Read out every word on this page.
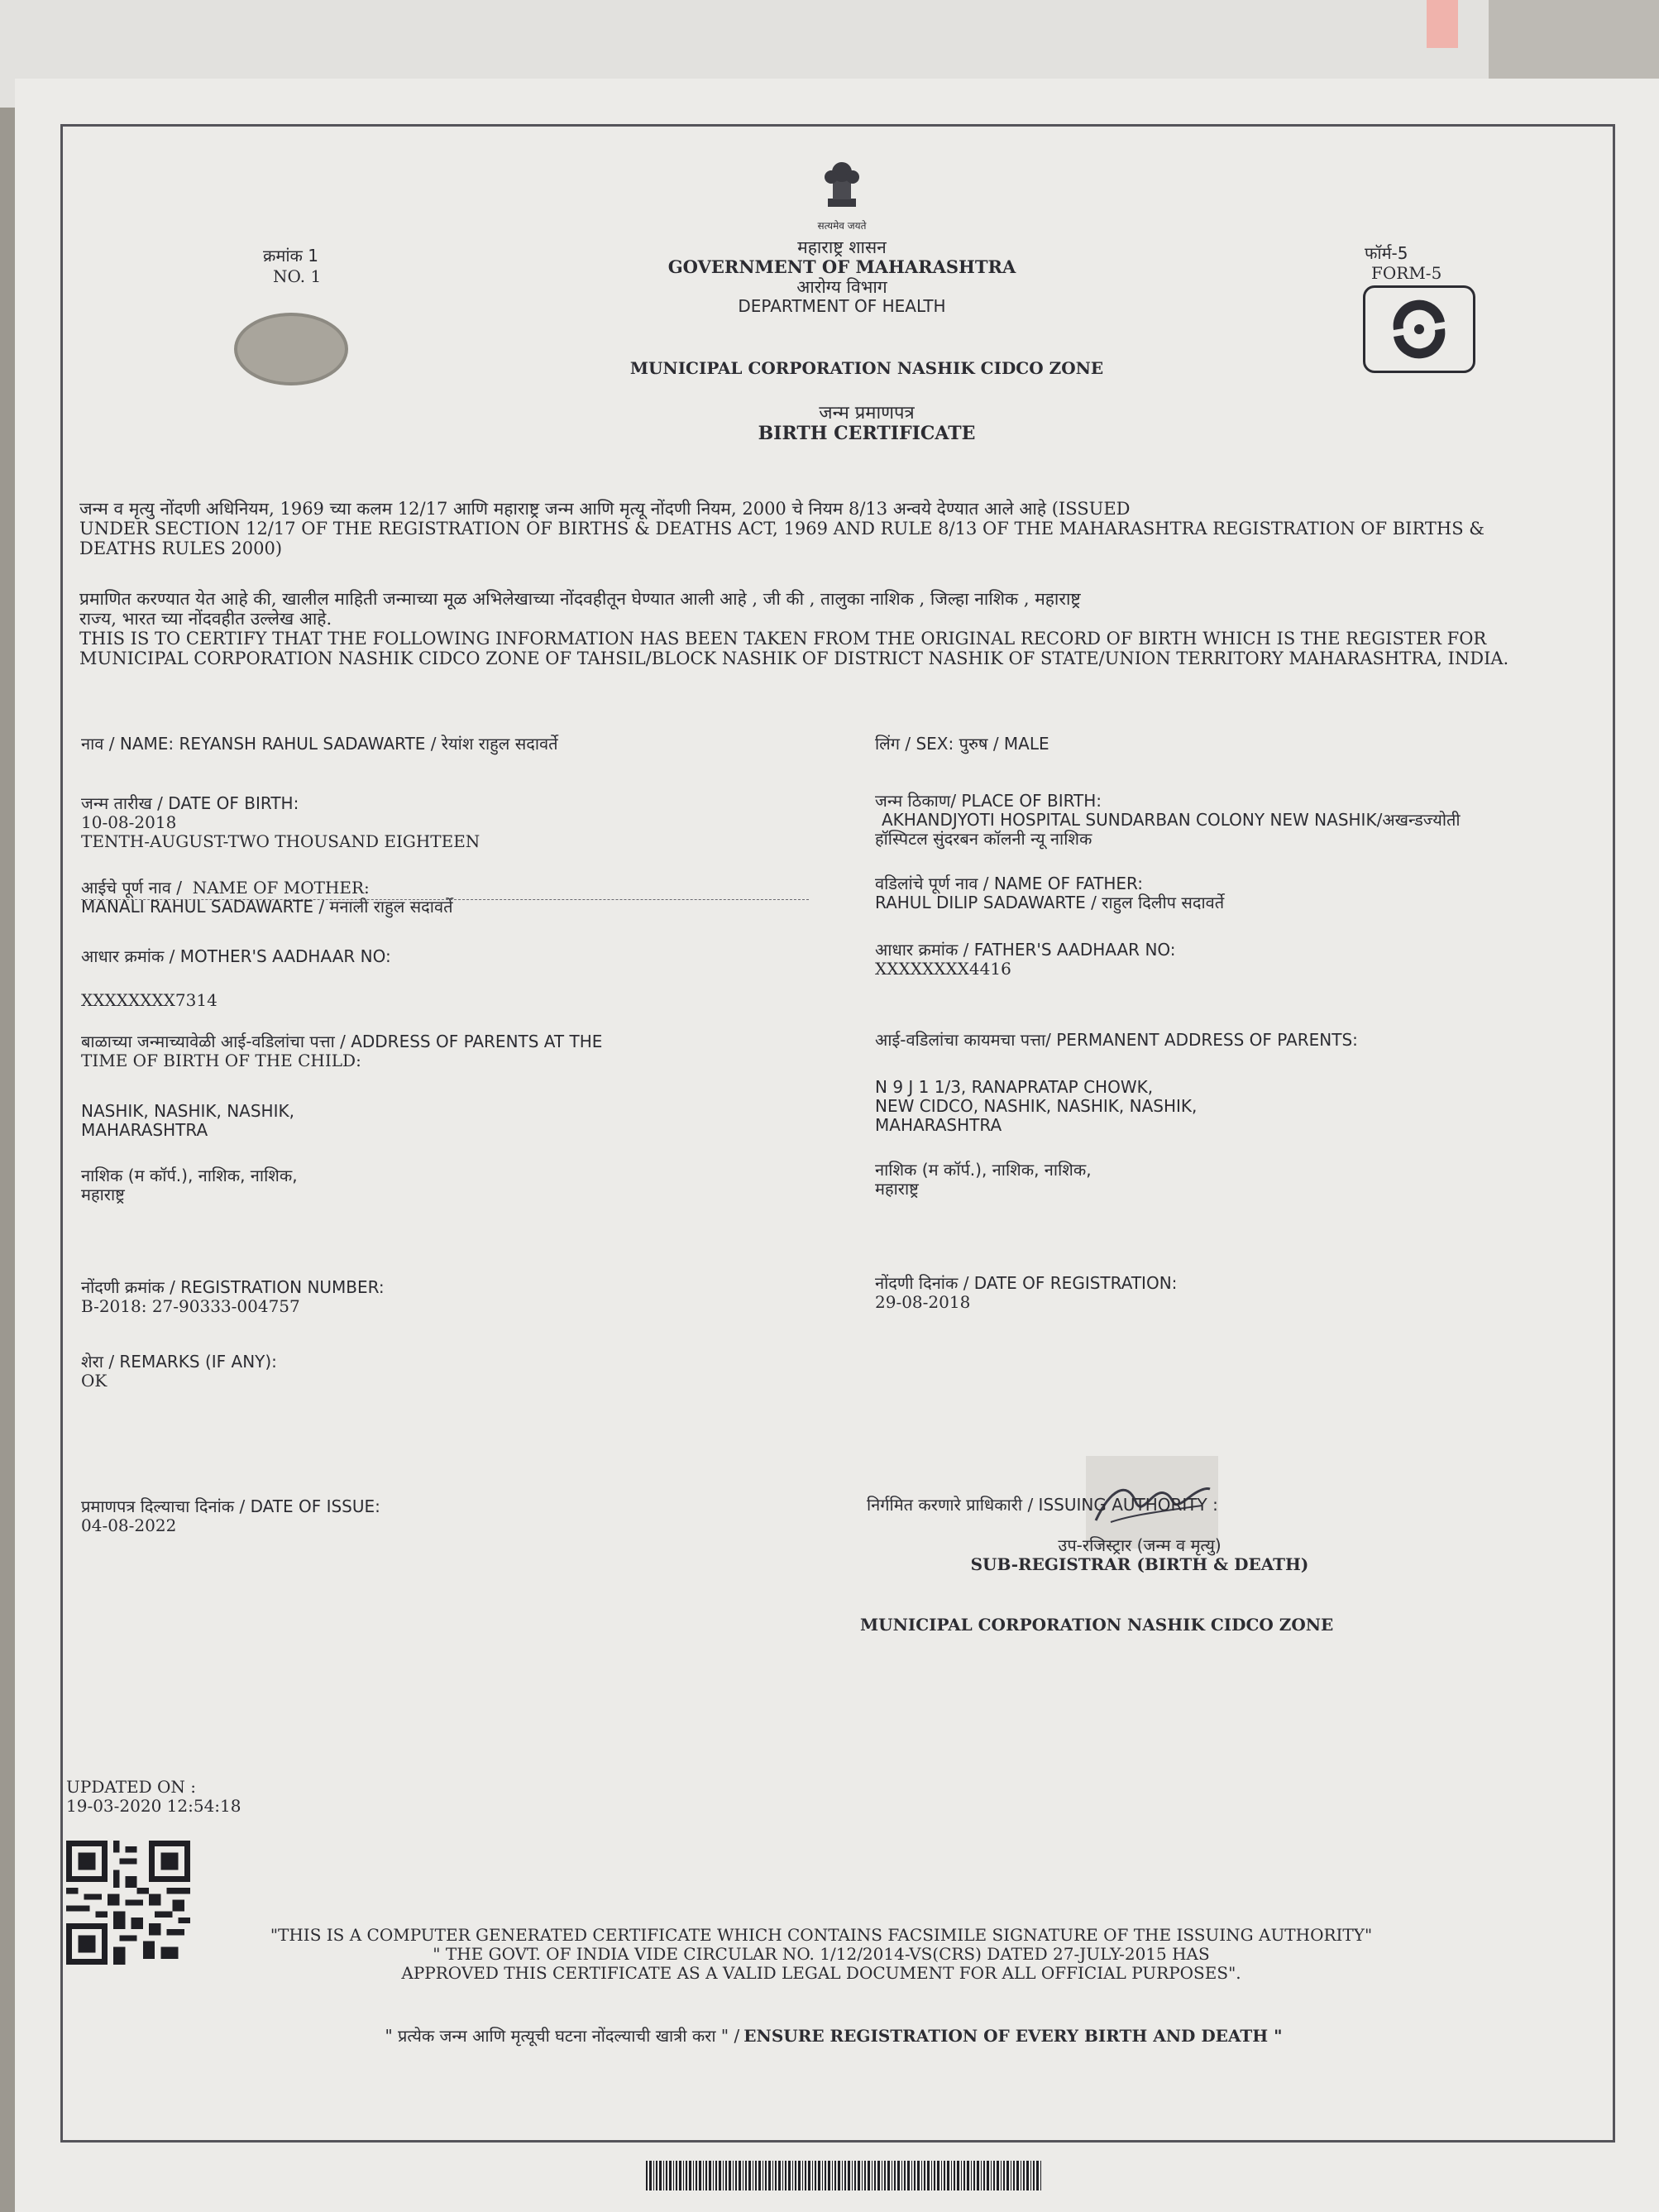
सत्यमेव जयते
क्रमांक 1
NO. 1
महाराष्ट्र शासन
GOVERNMENT OF MAHARASHTRA
आरोग्य विभाग
DEPARTMENT OF HEALTH
फॉर्म-5
FORM-5
MUNICIPAL CORPORATION NASHIK CIDCO ZONE
जन्म प्रमाणपत्र
BIRTH CERTIFICATE
जन्म व मृत्यु नोंदणी अधिनियम, 1969 च्या कलम 12/17 आणि महाराष्ट्र जन्म आणि मृत्यू नोंदणी नियम, 2000 चे नियम 8/13 अन्वये देण्यात आले आहे (ISSUED
UNDER SECTION 12/17 OF THE REGISTRATION OF BIRTHS & DEATHS ACT, 1969 AND RULE 8/13 OF THE MAHARASHTRA REGISTRATION OF BIRTHS &
DEATHS RULES 2000)
प्रमाणित करण्यात येत आहे की, खालील माहिती जन्माच्या मूळ अभिलेखाच्या नोंदवहीतून घेण्यात आली आहे , जी की , तालुका नाशिक , जिल्हा नाशिक , महाराष्ट्र
राज्य, भारत च्या नोंदवहीत उल्लेख आहे.
THIS IS TO CERTIFY THAT THE FOLLOWING INFORMATION HAS BEEN TAKEN FROM THE ORIGINAL RECORD OF BIRTH WHICH IS THE REGISTER FOR
MUNICIPAL CORPORATION NASHIK CIDCO ZONE OF TAHSIL/BLOCK NASHIK OF DISTRICT NASHIK OF STATE/UNION TERRITORY MAHARASHTRA, INDIA.
नाव / NAME: REYANSH RAHUL SADAWARTE / रेयांश राहुल सदावर्ते
जन्म तारीख / DATE OF BIRTH:
10-08-2018
TENTH-AUGUST-TWO THOUSAND EIGHTEEN
आईचे पूर्ण नाव / NAME OF MOTHER:
MANALI RAHUL SADAWARTE / मनाली राहुल सदावर्ते
आधार क्रमांक / MOTHER'S AADHAAR NO:
XXXXXXXX7314
बाळाच्या जन्माच्यावेळी आई-वडिलांचा पत्ता / ADDRESS OF PARENTS AT THE
TIME OF BIRTH OF THE CHILD:
NASHIK, NASHIK, NASHIK,
MAHARASHTRA
नाशिक (म कॉर्प.), नाशिक, नाशिक,
महाराष्ट्र
नोंदणी क्रमांक / REGISTRATION NUMBER:
B-2018: 27-90333-004757
शेरा / REMARKS (IF ANY):
OK
प्रमाणपत्र दिल्याचा दिनांक / DATE OF ISSUE:
04-08-2022
लिंग / SEX: पुरुष / MALE
जन्म ठिकाण/ PLACE OF BIRTH:
AKHANDJYOTI HOSPITAL SUNDARBAN COLONY NEW NASHIK/अखन्डज्योती
हॉस्पिटल सुंदरबन कॉलनी न्यू नाशिक
वडिलांचे पूर्ण नाव / NAME OF FATHER:
RAHUL DILIP SADAWARTE / राहुल दिलीप सदावर्ते
आधार क्रमांक / FATHER'S AADHAAR NO:
XXXXXXXX4416
आई-वडिलांचा कायमचा पत्ता/ PERMANENT ADDRESS OF PARENTS:
N 9 J 1 1/3, RANAPRATAP CHOWK,
NEW CIDCO, NASHIK, NASHIK, NASHIK,
MAHARASHTRA
नाशिक (म कॉर्प.), नाशिक, नाशिक,
महाराष्ट्र
नोंदणी दिनांक / DATE OF REGISTRATION:
29-08-2018
निर्गमित करणारे प्राधिकारी / ISSUING AUTHORITY :
उप-रजिस्ट्रार (जन्म व मृत्यु)
SUB-REGISTRAR (BIRTH & DEATH)
MUNICIPAL CORPORATION NASHIK CIDCO ZONE
UPDATED ON :
19-03-2020 12:54:18
"THIS IS A COMPUTER GENERATED CERTIFICATE WHICH CONTAINS FACSIMILE SIGNATURE OF THE ISSUING AUTHORITY"
" THE GOVT. OF INDIA VIDE CIRCULAR NO. 1/12/2014-VS(CRS) DATED 27-JULY-2015 HAS
APPROVED THIS CERTIFICATE AS A VALID LEGAL DOCUMENT FOR ALL OFFICIAL PURPOSES".
" प्रत्येक जन्म आणि मृत्यूची घटना नोंदल्याची खात्री करा " / ENSURE REGISTRATION OF EVERY BIRTH AND DEATH "
